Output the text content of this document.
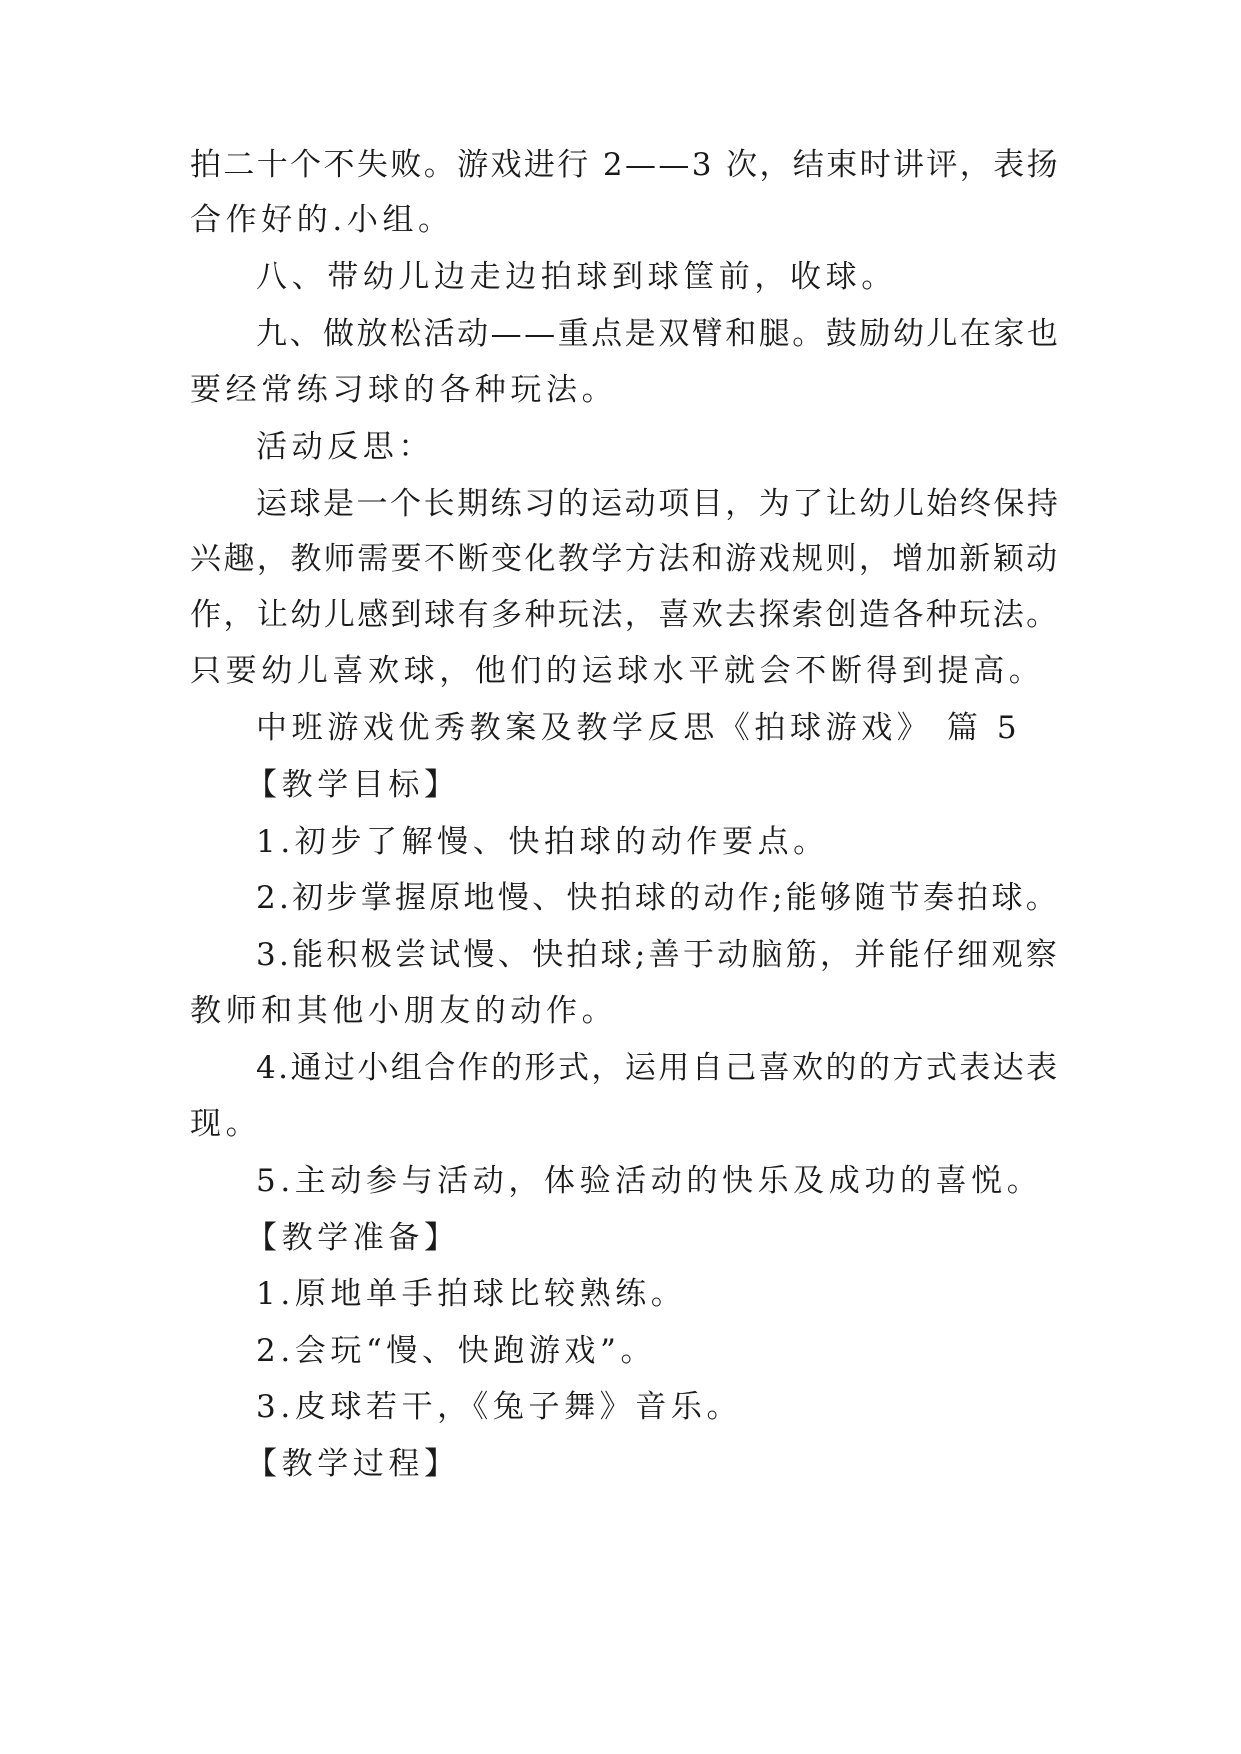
拍二十个不失败。游戏进行 2——3 次，结束时讲评，表扬
合作好的.小组。
八、带幼儿边走边拍球到球筐前，收球。
九、做放松活动——重点是双臂和腿。鼓励幼儿在家也
要经常练习球的各种玩法。
活动反思：
运球是一个长期练习的运动项目，为了让幼儿始终保持
兴趣，教师需要不断变化教学方法和游戏规则，增加新颖动
作，让幼儿感到球有多种玩法，喜欢去探索创造各种玩法。
只要幼儿喜欢球，他们的运球水平就会不断得到提高。
中班游戏优秀教案及教学反思《拍球游戏》 篇 5
【教学目标】
1.初步了解慢、快拍球的动作要点。
2.初步掌握原地慢、快拍球的动作;能够随节奏拍球。
3.能积极尝试慢、快拍球;善于动脑筋，并能仔细观察
教师和其他小朋友的动作。
4.通过小组合作的形式，运用自己喜欢的的方式表达表
现。
5.主动参与活动，体验活动的快乐及成功的喜悦。
【教学准备】
1.原地单手拍球比较熟练。
2.会玩“慢、快跑游戏”。
3.皮球若干，《兔子舞》音乐。
【教学过程】
